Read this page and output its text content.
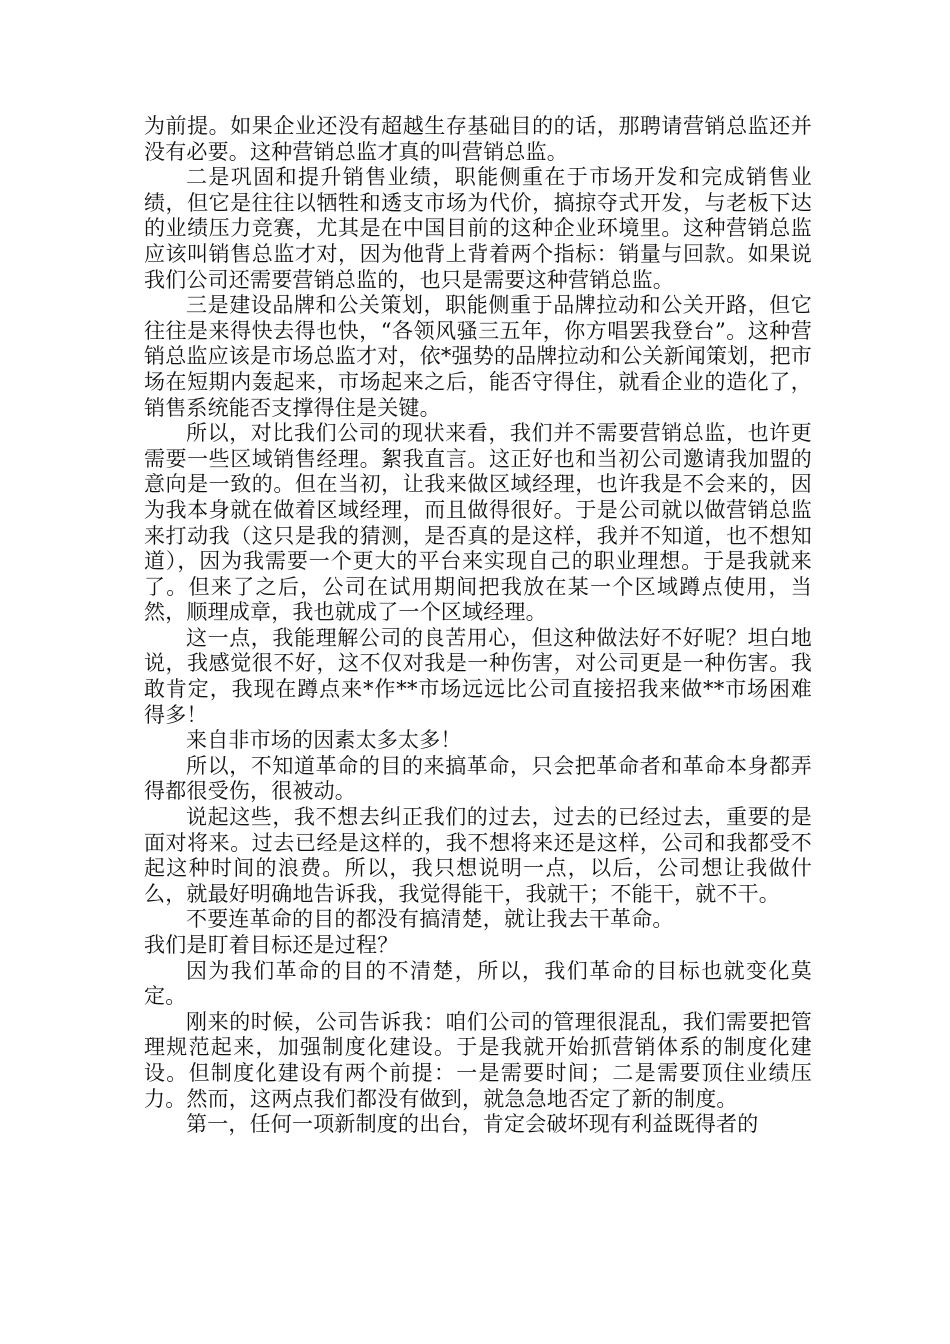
为前提。如果企业还没有超越生存基础目的的话，那聘请营销总监还并没有必要。这种营销总监才真的叫营销总监。

二是巩固和提升销售业绩，职能侧重在于市场开发和完成销售业绩，但它是往往以牺牲和透支市场为代价，搞掠夺式开发，与老板下达的业绩压力竞赛，尤其是在中国目前的这种企业环境里。这种营销总监应该叫销售总监才对，因为他背上背着两个指标：销量与回款。如果说我们公司还需要营销总监的，也只是需要这种营销总监。

三是建设品牌和公关策划，职能侧重于品牌拉动和公关开路，但它往往是来得快去得也快，“各领风骚三五年，你方唱罢我登台”。这种营销总监应该是市场总监才对，依*强势的品牌拉动和公关新闻策划，把市场在短期内轰起来，市场起来之后，能否守得住，就看企业的造化了，销售系统能否支撑得住是关键。

所以，对比我们公司的现状来看，我们并不需要营销总监，也许更需要一些区域销售经理。絮我直言。这正好也和当初公司邀请我加盟的意向是一致的。但在当初，让我来做区域经理，也许我是不会来的，因为我本身就在做着区域经理，而且做得很好。于是公司就以做营销总监来打动我（这只是我的猜测，是否真的是这样，我并不知道，也不想知道），因为我需要一个更大的平台来实现自己的职业理想。于是我就来了。但来了之后，公司在试用期间把我放在某一个区域蹲点使用，当然，顺理成章，我也就成了一个区域经理。

这一点，我能理解公司的良苦用心，但这种做法好不好呢？坦白地说，我感觉很不好，这不仅对我是一种伤害，对公司更是一种伤害。我敢肯定，我现在蹲点来*作**市场远远比公司直接招我来做**市场困难得多！

来自非市场的因素太多太多！

所以，不知道革命的目的来搞革命，只会把革命者和革命本身都弄得都很受伤，很被动。

说起这些，我不想去纠正我们的过去，过去的已经过去，重要的是面对将来。过去已经是这样的，我不想将来还是这样，公司和我都受不起这种时间的浪费。所以，我只想说明一点，以后，公司想让我做什么，就最好明确地告诉我，我觉得能干，我就干；不能干，就不干。

不要连革命的目的都没有搞清楚，就让我去干革命。

我们是盯着目标还是过程？

因为我们革命的目的不清楚，所以，我们革命的目标也就变化莫定。

刚来的时候，公司告诉我：咱们公司的管理很混乱，我们需要把管理规范起来，加强制度化建设。于是我就开始抓营销体系的制度化建设。但制度化建设有两个前提：一是需要时间；二是需要顶住业绩压力。然而，这两点我们都没有做到，就急急地否定了新的制度。

第一，任何一项新制度的出台，肯定会破坏现有利益既得者的
